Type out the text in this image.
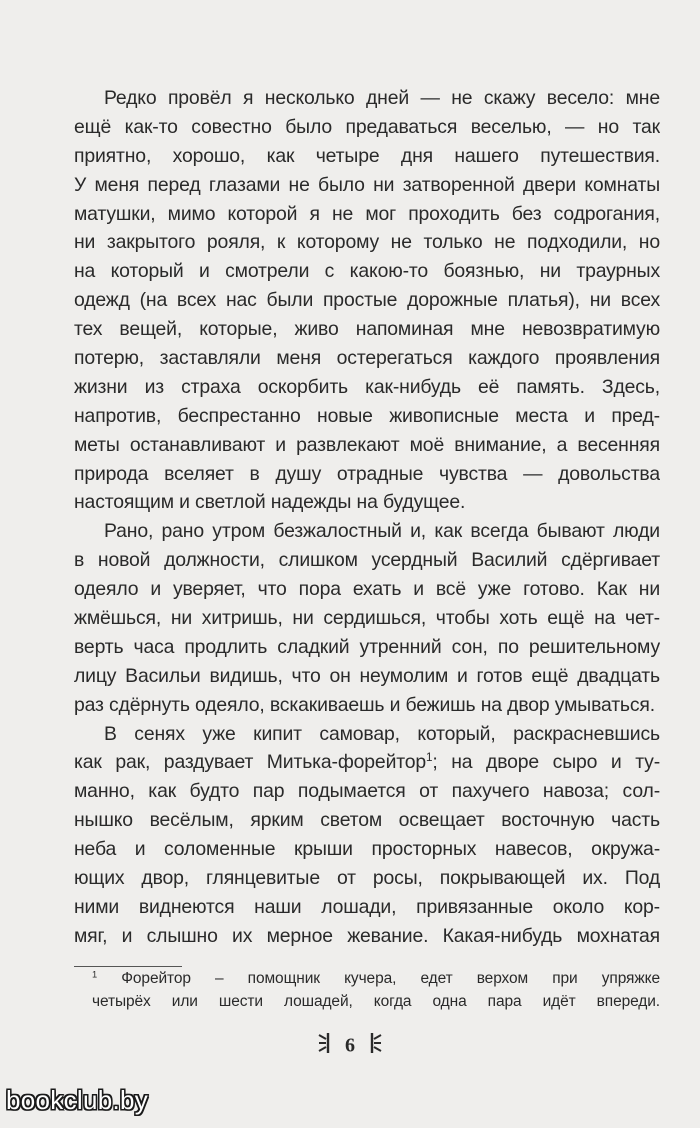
Редко провёл я несколько дней — не скажу весело: мне
ещё как-то совестно было предаваться веселью, — но так
приятно, хорошо, как четыре дня нашего путешествия.
У меня перед глазами не было ни затворенной двери комнаты
матушки, мимо которой я не мог проходить без содрогания,
ни закрытого рояля, к которому не только не подходили, но
на который и смотрели с какою-то боязнью, ни траурных
одежд (на всех нас были простые дорожные платья), ни всех
тех вещей, которые, живо напоминая мне невозвратимую
потерю, заставляли меня остерегаться каждого проявления
жизни из страха оскорбить как-нибудь её память. Здесь,
напротив, беспрестанно новые живописные места и пред-
меты останавливают и развлекают моё внимание, а весенняя
природа вселяет в душу отрадные чувства — довольства
настоящим и светлой надежды на будущее.
Рано, рано утром безжалостный и, как всегда бывают люди
в новой должности, слишком усердный Василий сдёргивает
одеяло и уверяет, что пора ехать и всё уже готово. Как ни
жмёшься, ни хитришь, ни сердишься, чтобы хоть ещё на чет-
верть часа продлить сладкий утренний сон, по решительному
лицу Васильи видишь, что он неумолим и готов ещё двадцать
раз сдёрнуть одеяло, вскакиваешь и бежишь на двор умываться.
В сенях уже кипит самовар, который, раскрасневшись
как рак, раздувает Митька-форейтор$^1$; на дворе сыро и ту-
манно, как будто пар подымается от пахучего навоза; сол-
нышко весёлым, ярким светом освещает восточную часть
неба и соломенные крыши просторных навесов, окружа-
ющих двор, глянцевитые от росы, покрывающей их. Под
ними виднеются наши лошади, привязанные около кор-
мяг, и слышно их мерное жевание. Какая-нибудь мохнатая
$^1$ Форейтор – помощник кучера, едет верхом при упряжке
четырёх или шести лошадей, когда одна пара идёт впереди.
6
bookclub.by
